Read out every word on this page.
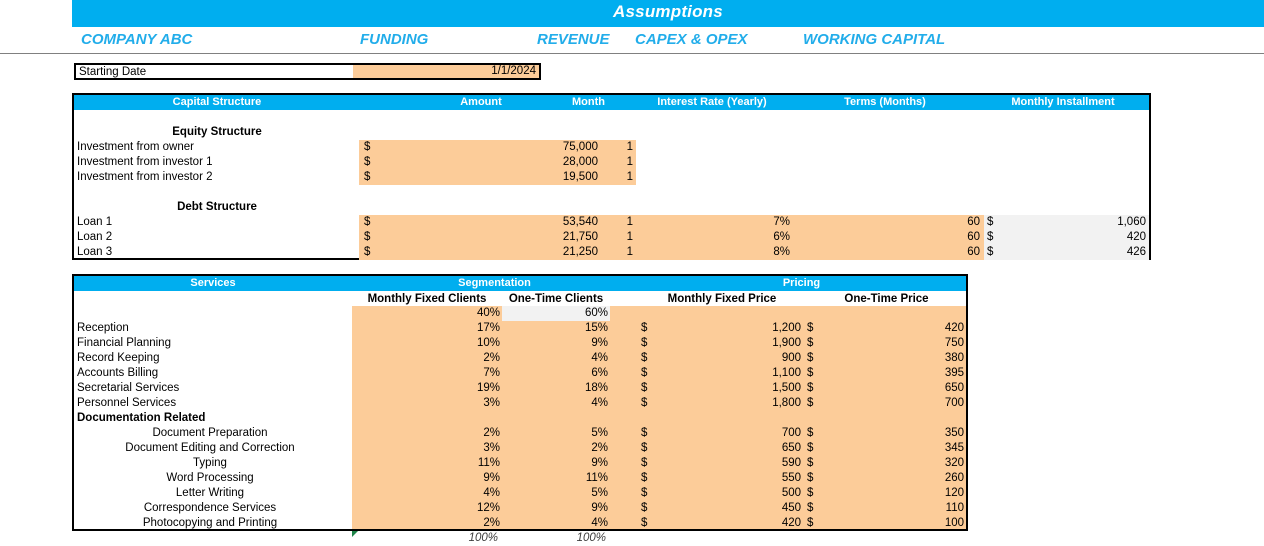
Assumptions
COMPANY ABC	FUNDING	REVENUE CAPEX & OPEX	WORKING CAPITAL
Starting Date	1/1/2024
Capital Structure	Amount	Month	Interest Rate (Yearly)	Terms (Months)	Monthly Installment
Equity Structure
Investment from owner	$	75,000	1
Investment from investor 1	$	28,000	1
Investment from investor 2	$	19,500	1
Debt Structure
Loan 1	$	53,540	1	7%	60 $	1,060
Loan 2	$	21,750	1	6%	60 $	420
Loan 3	$	21,250	1	8%	60 $	426
Services	Segmentation	Pricing
Monthly Fixed Clients	One-Time Clients	Monthly Fixed Price	One-Time Price
40%	60%
Reception	17%	15%	$	1,200 $	420
Financial Planning	10%	9%	$	1,900 $	750
Record Keeping	2%	4%	$	900 $	380
Accounts Billing	7%	6%	$	1,100 $	395
Secretarial Services	19%	18%	$	1,500 $	650
Personnel Services	3%	4%	$	1,800 $	700
Documentation Related
Document Preparation	2%	5%	$	700 $	350
Document Editing and Correction	3%	2%	$	650 $	345
Typing	11%	9%	$	590 $	320
Word Processing	9%	11%	$	550 $	260
Letter Writing	4%	5%	$	500 $	120
Correspondence Services	12%	9%	$	450 $	110
Photocopying and Printing	2%	4%	$	420 $	100
100%	100%
